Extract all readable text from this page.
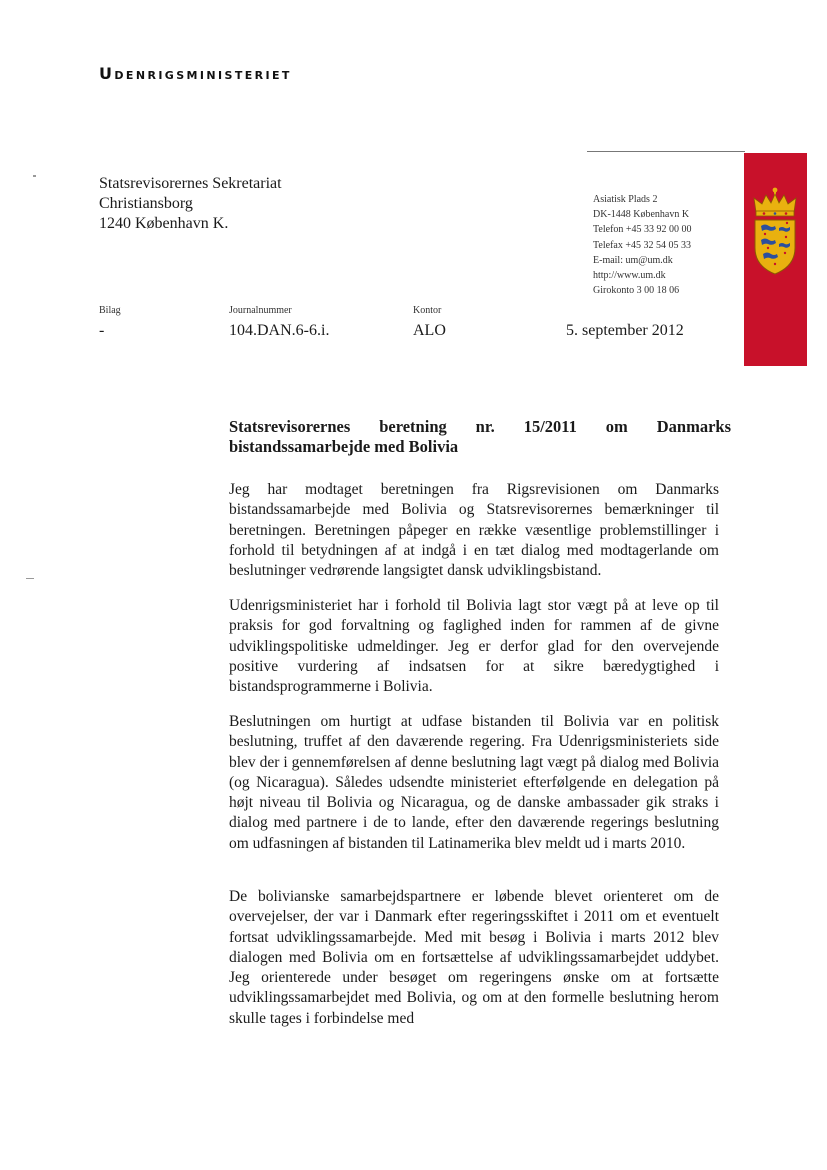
Udenrigsministeriet
Statsrevisorernes Sekretariat
Christiansborg
1240 København K.
Asiatisk Plads 2
DK-1448 København K
Telefon +45 33 92 00 00
Telefax +45 32 54 05 33
E-mail: um@um.dk
http://www.um.dk
Girokonto 3 00 18 06
Bilag
-
Journalnummer
104.DAN.6-6.i.
Kontor
ALO	5. september 2012
Statsrevisorernes beretning nr. 15/2011 om Danmarks bistandssamarbejde med Bolivia
Jeg har modtaget beretningen fra Rigsrevisionen om Danmarks bistandssamarbejde med Bolivia og Statsrevisorernes bemærkninger til beretningen. Beretningen påpeger en række væsentlige problemstillinger i forhold til betydningen af at indgå i en tæt dialog med modtagerlande om beslutninger vedrørende langsigtet dansk udviklingsbistand.
Udenrigsministeriet har i forhold til Bolivia lagt stor vægt på at leve op til praksis for god forvaltning og faglighed inden for rammen af de givne udviklingspolitiske udmeldinger. Jeg er derfor glad for den overvejende positive vurdering af indsatsen for at sikre bæredygtighed i bistandsprogrammerne i Bolivia.
Beslutningen om hurtigt at udfase bistanden til Bolivia var en politisk beslutning, truffet af den daværende regering. Fra Udenrigsministeriets side blev der i gennemførelsen af denne beslutning lagt vægt på dialog med Bolivia (og Nicaragua). Således udsendte ministeriet efterfølgende en delegation på højt niveau til Bolivia og Nicaragua, og de danske ambassader gik straks i dialog med partnere i de to lande, efter den daværende regerings beslutning om udfasningen af bistanden til Latinamerika blev meldt ud i marts 2010.
De bolivianske samarbejdspartnere er løbende blevet orienteret om de overvejelser, der var i Danmark efter regeringsskiftet i 2011 om et eventuelt fortsat udviklingssamarbejde. Med mit besøg i Bolivia i marts 2012 blev dialogen med Bolivia om en fortsættelse af udviklingssamarbejdet uddybet. Jeg orienterede under besøget om regeringens ønske om at fortsætte udviklingssamarbejdet med Bolivia, og om at den formelle beslutning herom skulle tages i forbindelse med
